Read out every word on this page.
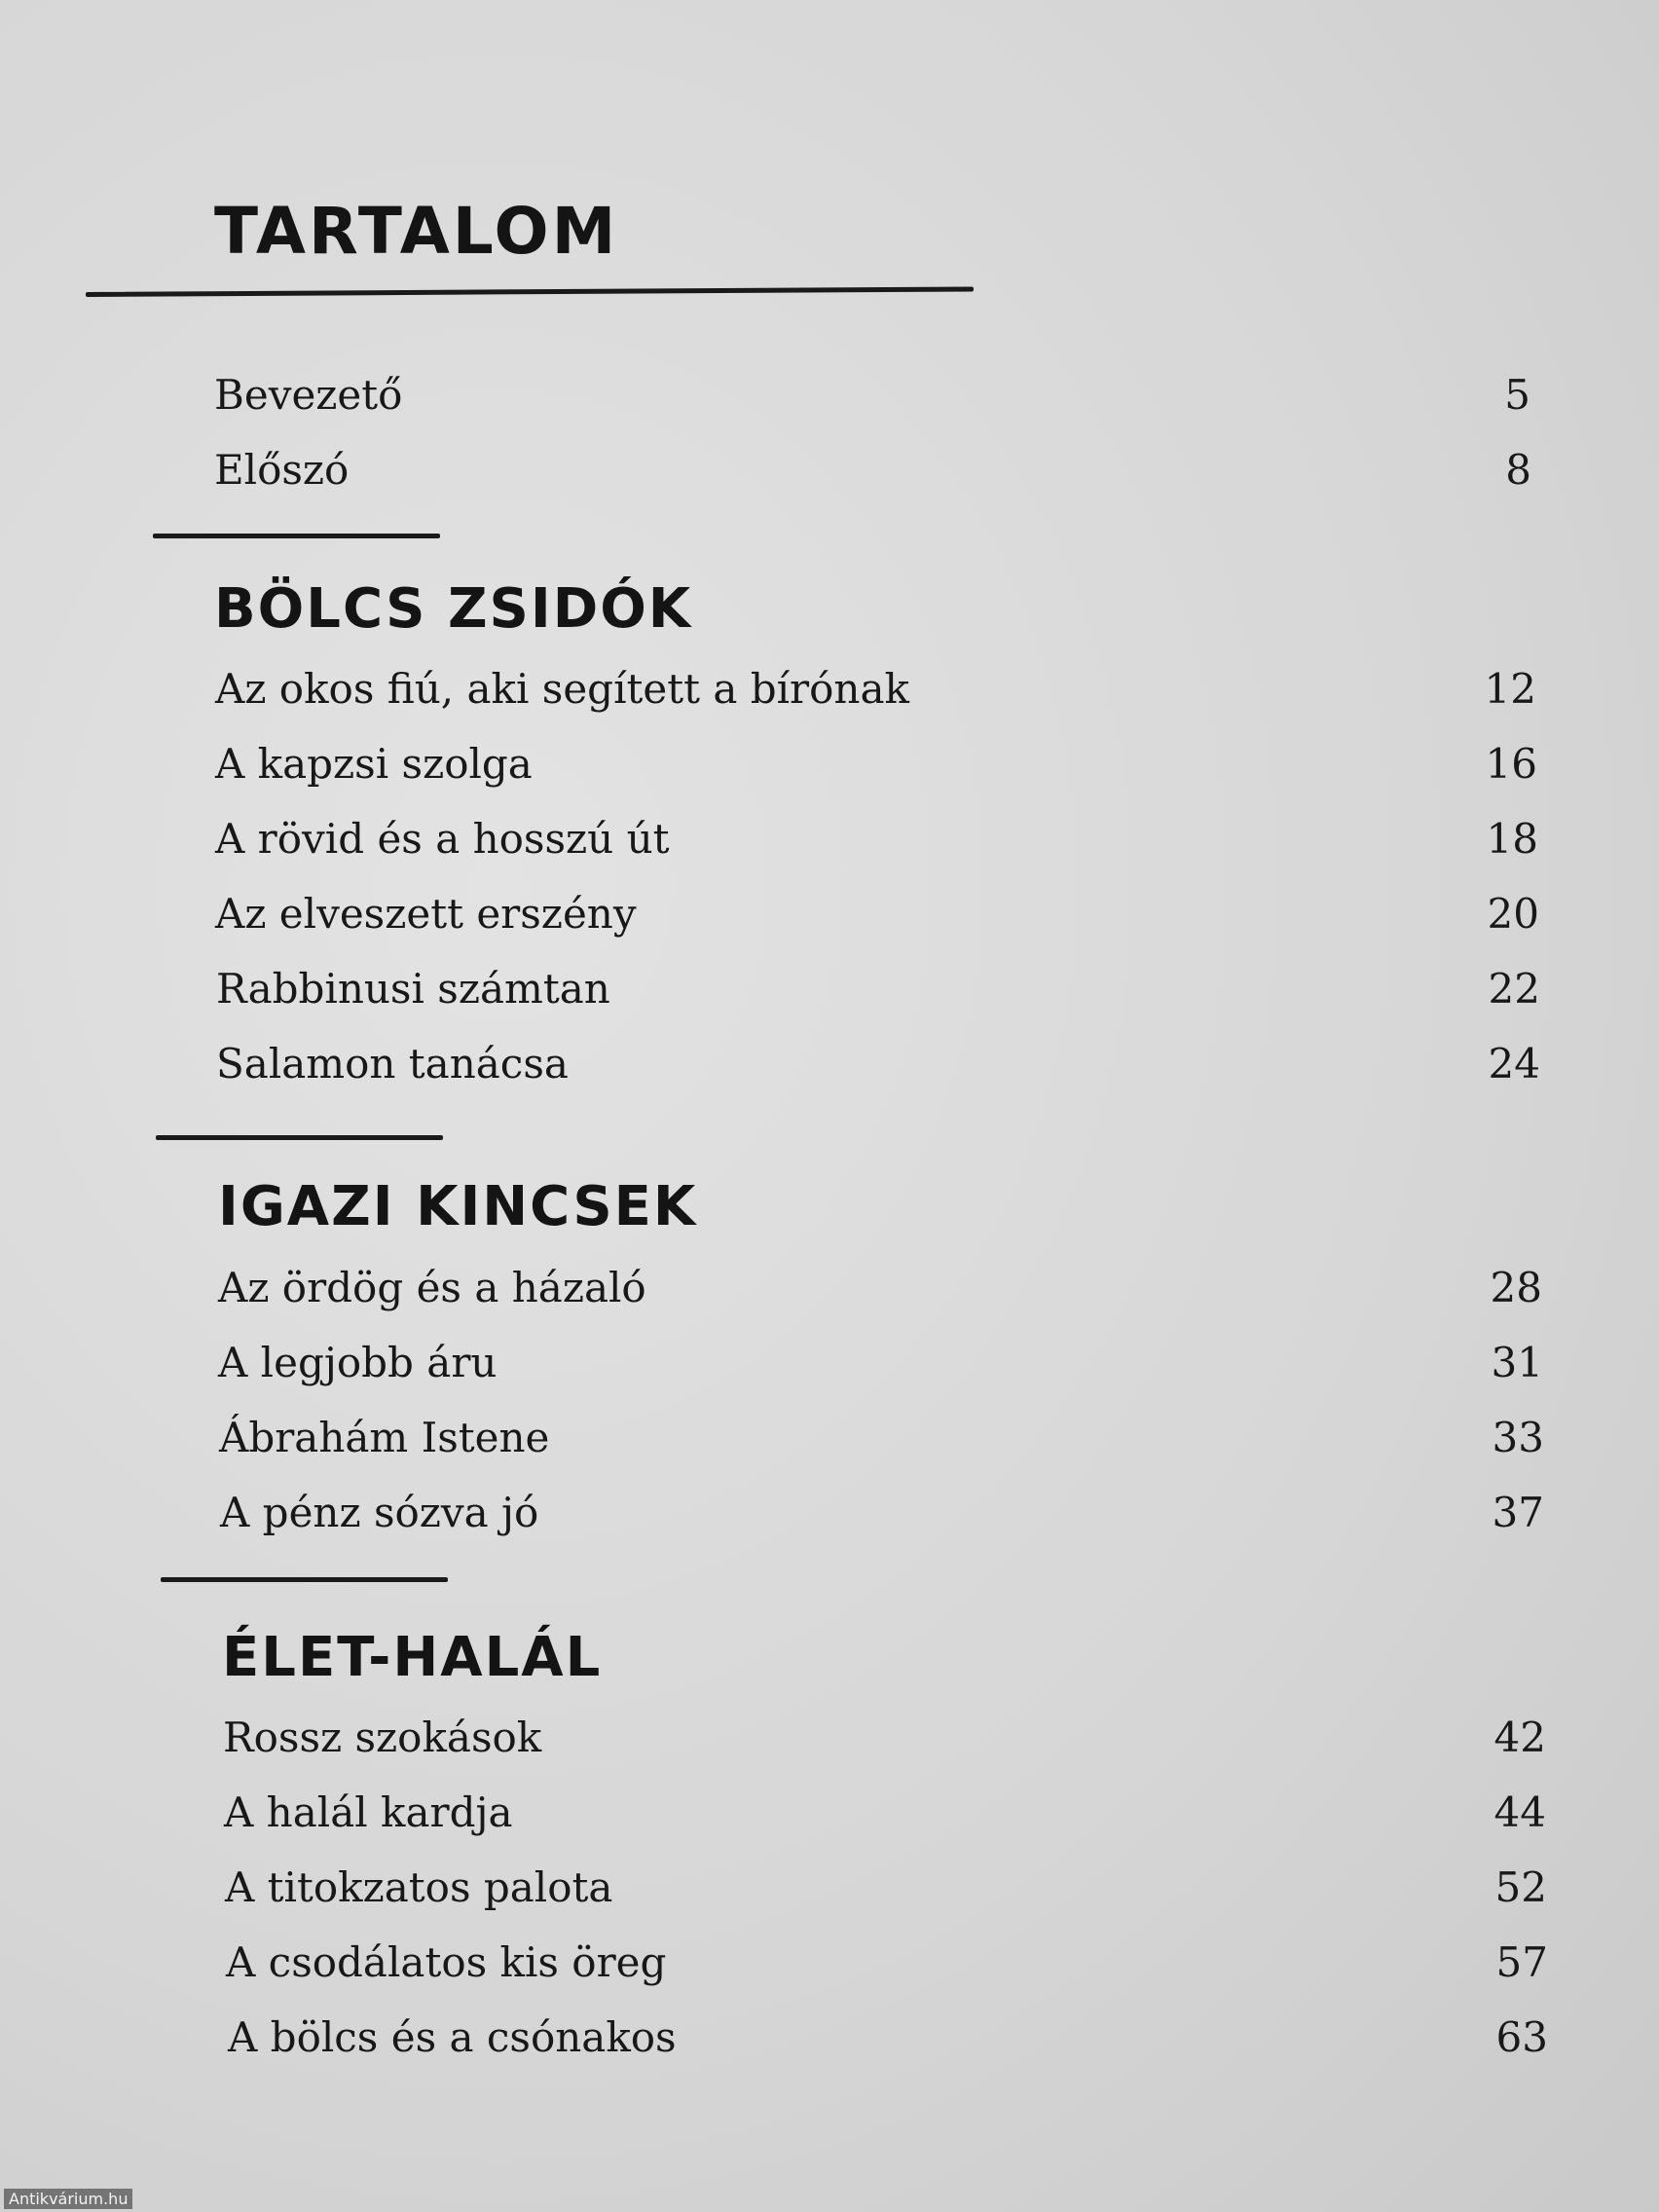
TARTALOM
Bevezető	5
Előszó	8
BÖLCS ZSIDÓK
Az okos fiú, aki segített a bírónak	12
A kapzsi szolga	16
A rövid és a hosszú út	18
Az elveszett erszény	20
Rabbinusi számtan	22
Salamon tanácsa	24
IGAZI KINCSEK
Az ördög és a házaló	28
A legjobb áru	31
Ábrahám Istene	33
A pénz sózva jó	37
ÉLET-HALÁL
Rossz szokások	42
A halál kardja	44
A titokzatos palota	52
A csodálatos kis öreg	57
A bölcs és a csónakos	63
Antikvárium.hu
